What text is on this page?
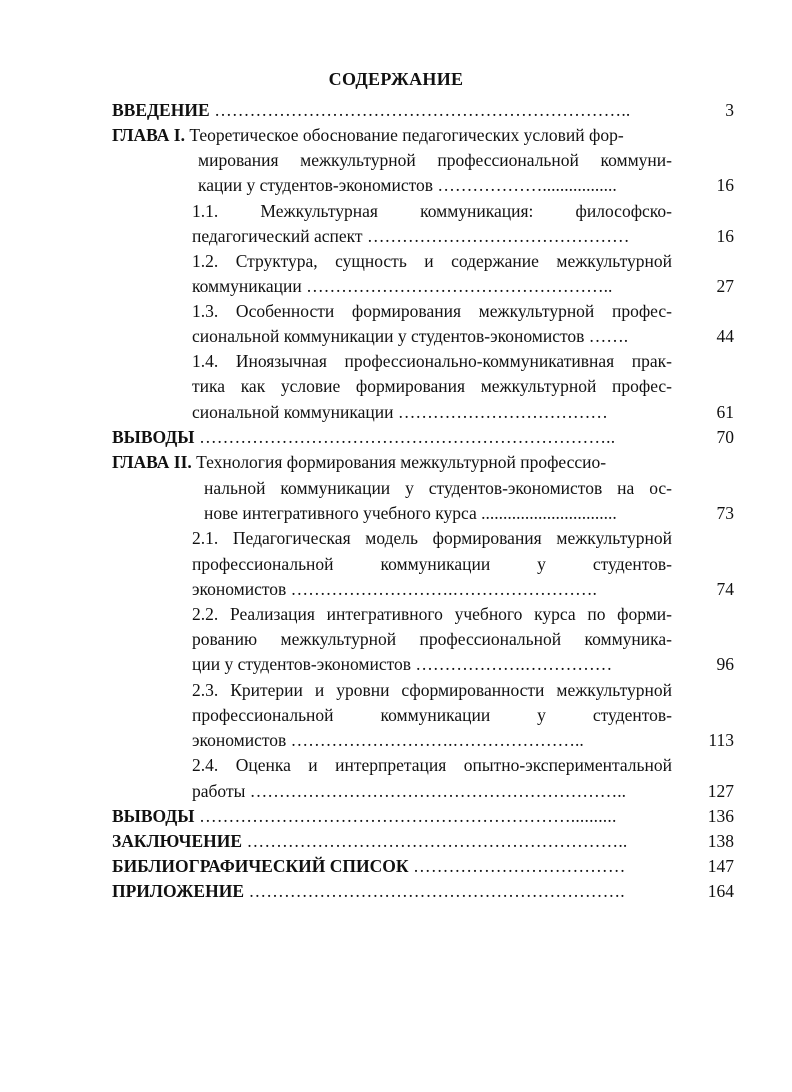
СОДЕРЖАНИЕ
ВВЕДЕНИЕ ……………………………………………………………..	3
ГЛАВА I. Теоретическое обоснование педагогических условий фор-
мирования межкультурной профессиональной коммуни-
кации у студентов-экономистов ……………….................	16
1.1. Межкультурная коммуникация: философско-
педагогический аспект ………………………………………	16
1.2. Структура, сущность и содержание межкультурной
коммуникации ……………………………………………..	27
1.3. Особенности формирования межкультурной профес-
сиональной коммуникации у студентов-экономистов …….	44
1.4. Иноязычная профессионально-коммуникативная прак-
тика как условие формирования межкультурной профес-
сиональной коммуникации ………………………………	61
ВЫВОДЫ ……………………………………………………………..	70
ГЛАВА II. Технология формирования межкультурной профессио-
нальной коммуникации у студентов-экономистов на ос-
нове интегративного учебного курса ...............................	73
2.1. Педагогическая модель формирования межкультурной
профессиональной коммуникации у студентов-
экономистов ……………………….…………………….	74
2.2. Реализация интегративного учебного курса по форми-
рованию межкультурной профессиональной коммуника-
ции у студентов-экономистов ……………….……………	96
2.3. Критерии и уровни сформированности межкультурной
профессиональной коммуникации у студентов-
экономистов ……………………….…………………..	113
2.4. Оценка и интерпретация опытно-экспериментальной
работы ………………………………………………………..	127
ВЫВОДЫ ………………………………………………………..........	136
ЗАКЛЮЧЕНИЕ ………………………………………………………..	138
БИБЛИОГРАФИЧЕСКИЙ СПИСОК ………………………………	147
ПРИЛОЖЕНИЕ ……………………………………………………….	164
